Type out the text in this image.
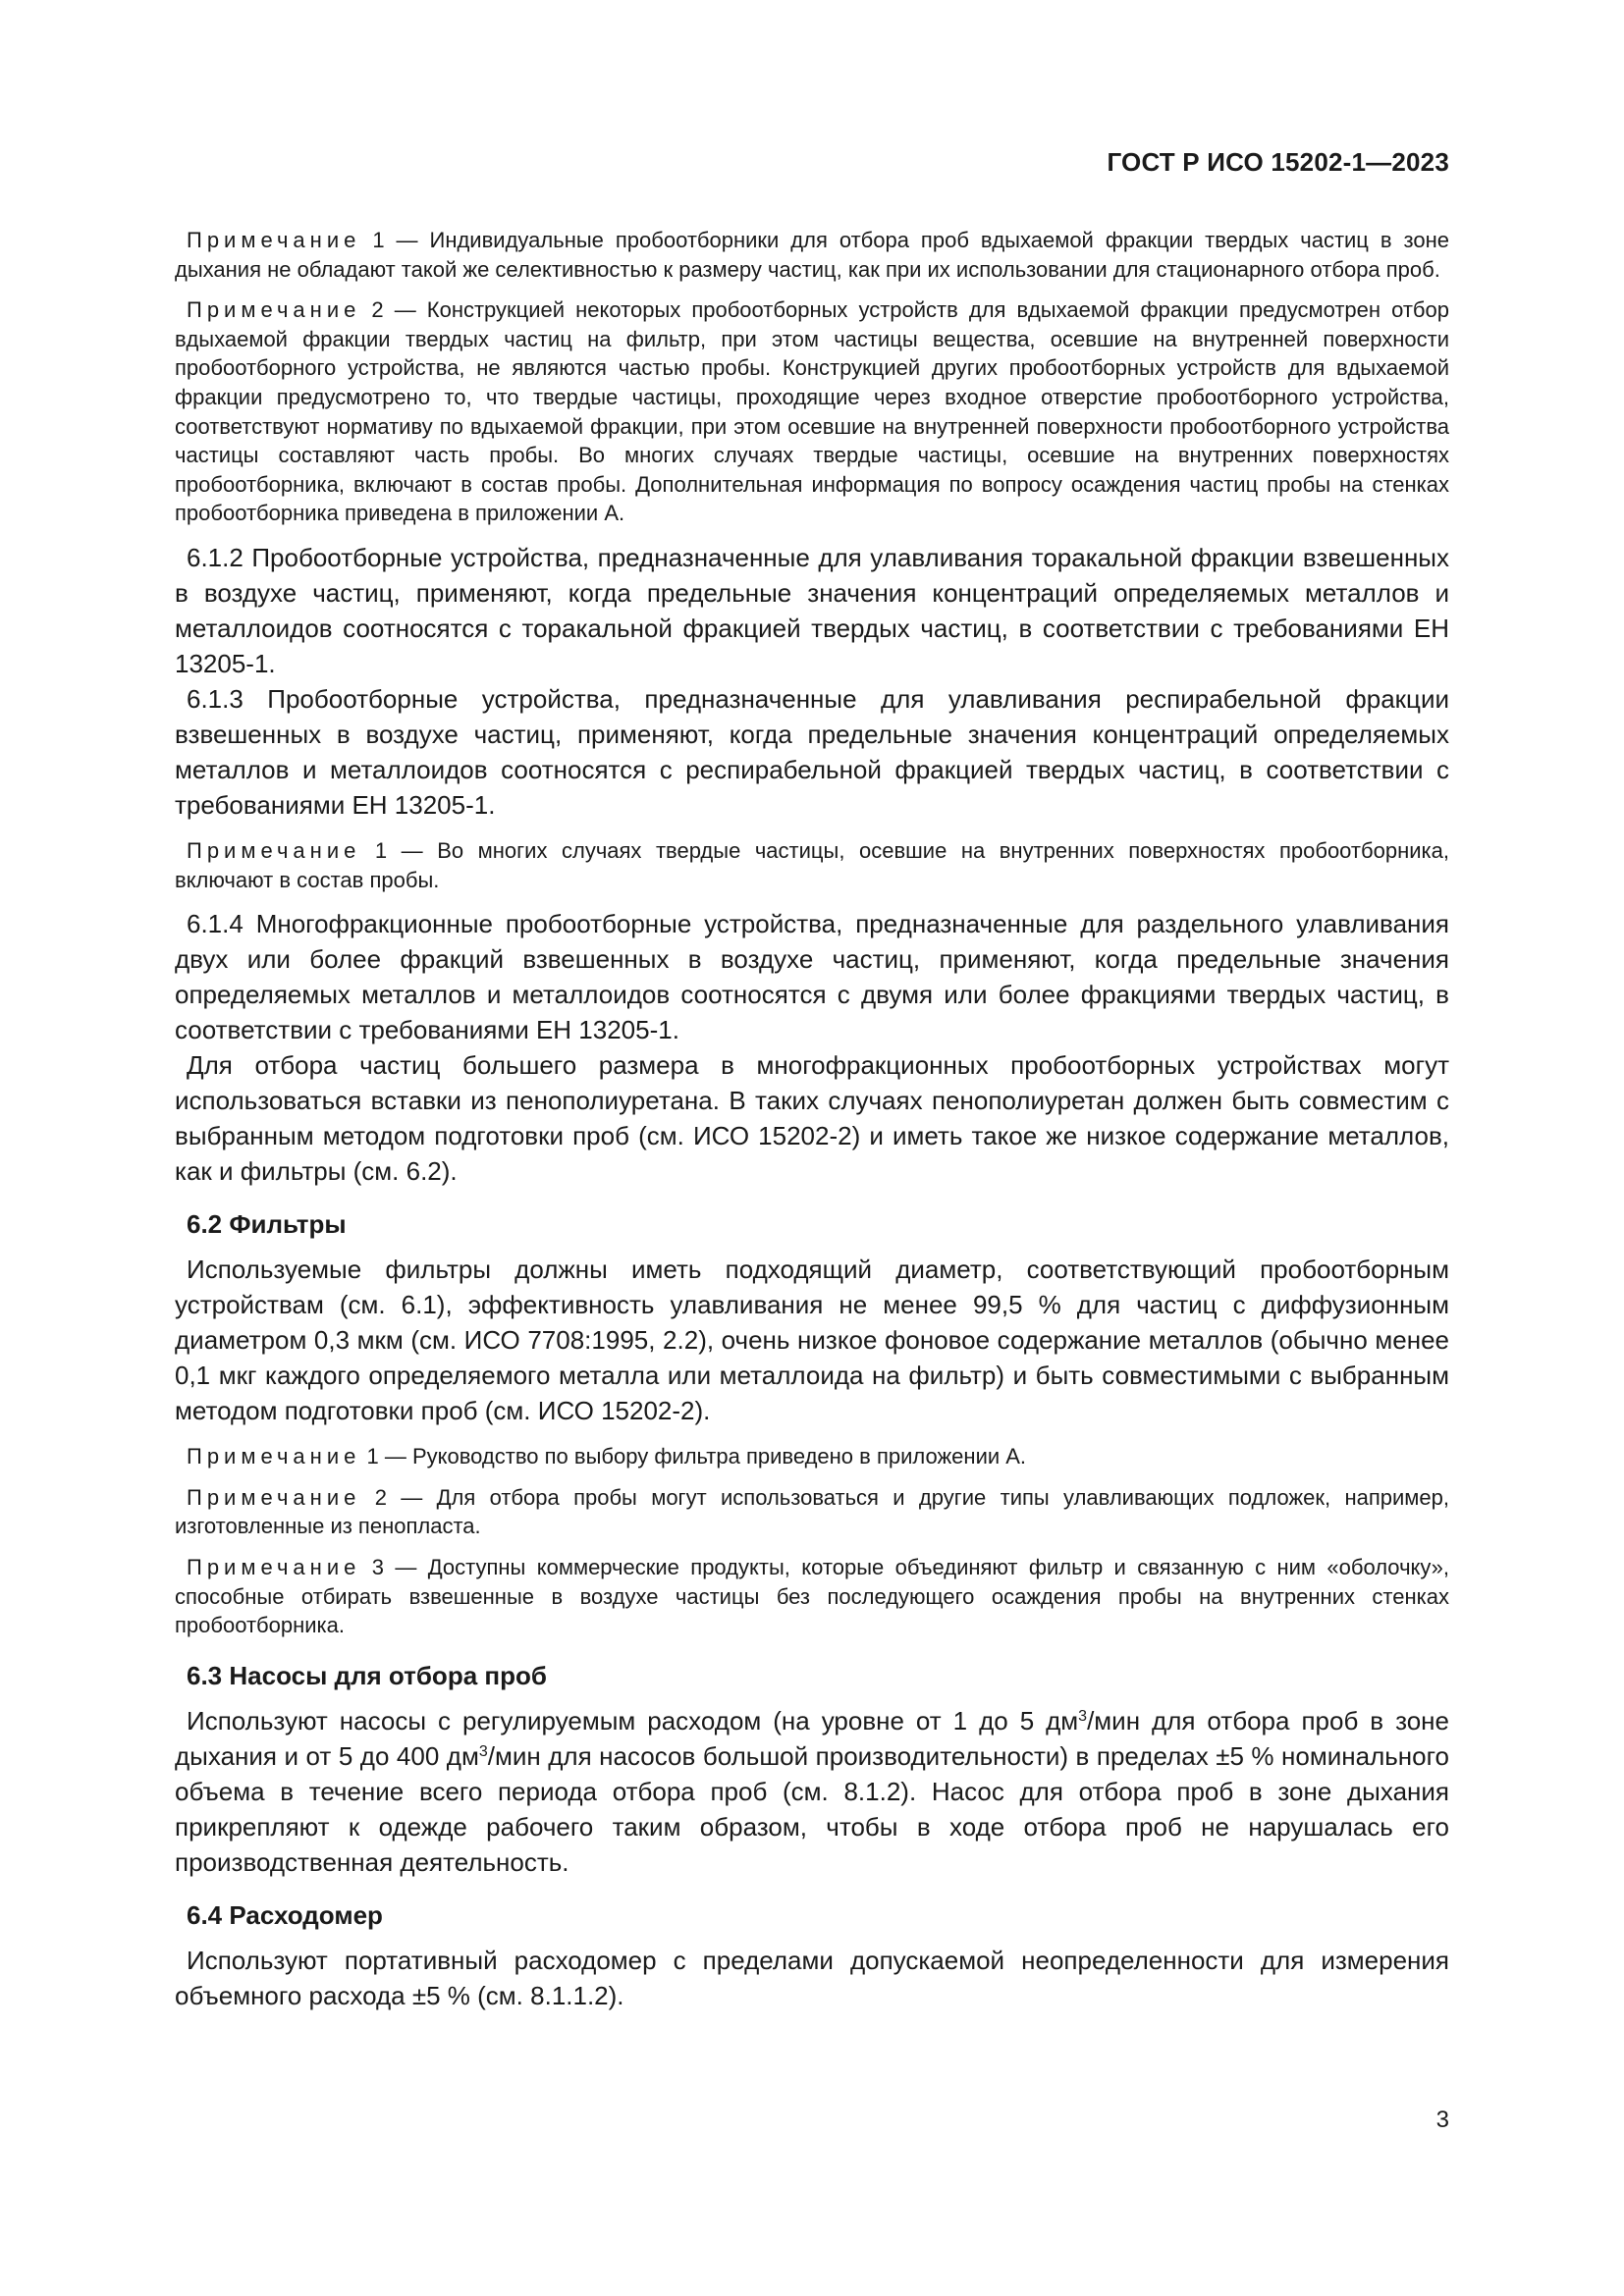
ГОСТ Р ИСО 15202-1—2023

Примечание 1 — Индивидуальные пробоотборники для отбора проб вдыхаемой фракции твердых частиц в зоне дыхания не обладают такой же селективностью к размеру частиц, как при их использовании для стационарного отбора проб.

Примечание 2 — Конструкцией некоторых пробоотборных устройств для вдыхаемой фракции предусмотрен отбор вдыхаемой фракции твердых частиц на фильтр, при этом частицы вещества, осевшие на внутренней поверхности пробоотборного устройства, не являются частью пробы. Конструкцией других пробоотборных устройств для вдыхаемой фракции предусмотрено то, что твердые частицы, проходящие через входное отверстие пробоотборного устройства, соответствуют нормативу по вдыхаемой фракции, при этом осевшие на внутренней поверхности пробоотборного устройства частицы составляют часть пробы. Во многих случаях твердые частицы, осевшие на внутренних поверхностях пробоотборника, включают в состав пробы. Дополнительная информация по вопросу осаждения частиц пробы на стенках пробоотборника приведена в приложении А.

6.1.2 Пробоотборные устройства, предназначенные для улавливания торакальной фракции взвешенных в воздухе частиц, применяют, когда предельные значения концентраций определяемых металлов и металлоидов соотносятся с торакальной фракцией твердых частиц, в соответствии с требованиями ЕН 13205-1.

6.1.3 Пробоотборные устройства, предназначенные для улавливания респирабельной фракции взвешенных в воздухе частиц, применяют, когда предельные значения концентраций определяемых металлов и металлоидов соотносятся с респирабельной фракцией твердых частиц, в соответствии с требованиями ЕН 13205-1.

Примечание 1 — Во многих случаях твердые частицы, осевшие на внутренних поверхностях пробоотборника, включают в состав пробы.

6.1.4 Многофракционные пробоотборные устройства, предназначенные для раздельного улавливания двух или более фракций взвешенных в воздухе частиц, применяют, когда предельные значения определяемых металлов и металлоидов соотносятся с двумя или более фракциями твердых частиц, в соответствии с требованиями ЕН 13205-1.

Для отбора частиц большего размера в многофракционных пробоотборных устройствах могут использоваться вставки из пенополиуретана. В таких случаях пенополиуретан должен быть совместим с выбранным методом подготовки проб (см. ИСО 15202-2) и иметь такое же низкое содержание металлов, как и фильтры (см. 6.2).

6.2 Фильтры

Используемые фильтры должны иметь подходящий диаметр, соответствующий пробоотборным устройствам (см. 6.1), эффективность улавливания не менее 99,5 % для частиц с диффузионным диаметром 0,3 мкм (см. ИСО 7708:1995, 2.2), очень низкое фоновое содержание металлов (обычно менее 0,1 мкг каждого определяемого металла или металлоида на фильтр) и быть совместимыми с выбранным методом подготовки проб (см. ИСО 15202-2).

Примечание 1 — Руководство по выбору фильтра приведено в приложении А.

Примечание 2 — Для отбора пробы могут использоваться и другие типы улавливающих подложек, например, изготовленные из пенопласта.

Примечание 3 — Доступны коммерческие продукты, которые объединяют фильтр и связанную с ним «оболочку», способные отбирать взвешенные в воздухе частицы без последующего осаждения пробы на внутренних стенках пробоотборника.

6.3 Насосы для отбора проб

Используют насосы с регулируемым расходом (на уровне от 1 до 5 $дм^3$/мин для отбора проб в зоне дыхания и от 5 до 400 $дм^3$/мин для насосов большой производительности) в пределах ±5 % номинального объема в течение всего периода отбора проб (см. 8.1.2). Насос для отбора проб в зоне дыхания прикрепляют к одежде рабочего таким образом, чтобы в ходе отбора проб не нарушалась его производственная деятельность.

6.4 Расходомер

Используют портативный расходомер с пределами допускаемой неопределенности для измерения объемного расхода ±5 % (см. 8.1.1.2).

3
